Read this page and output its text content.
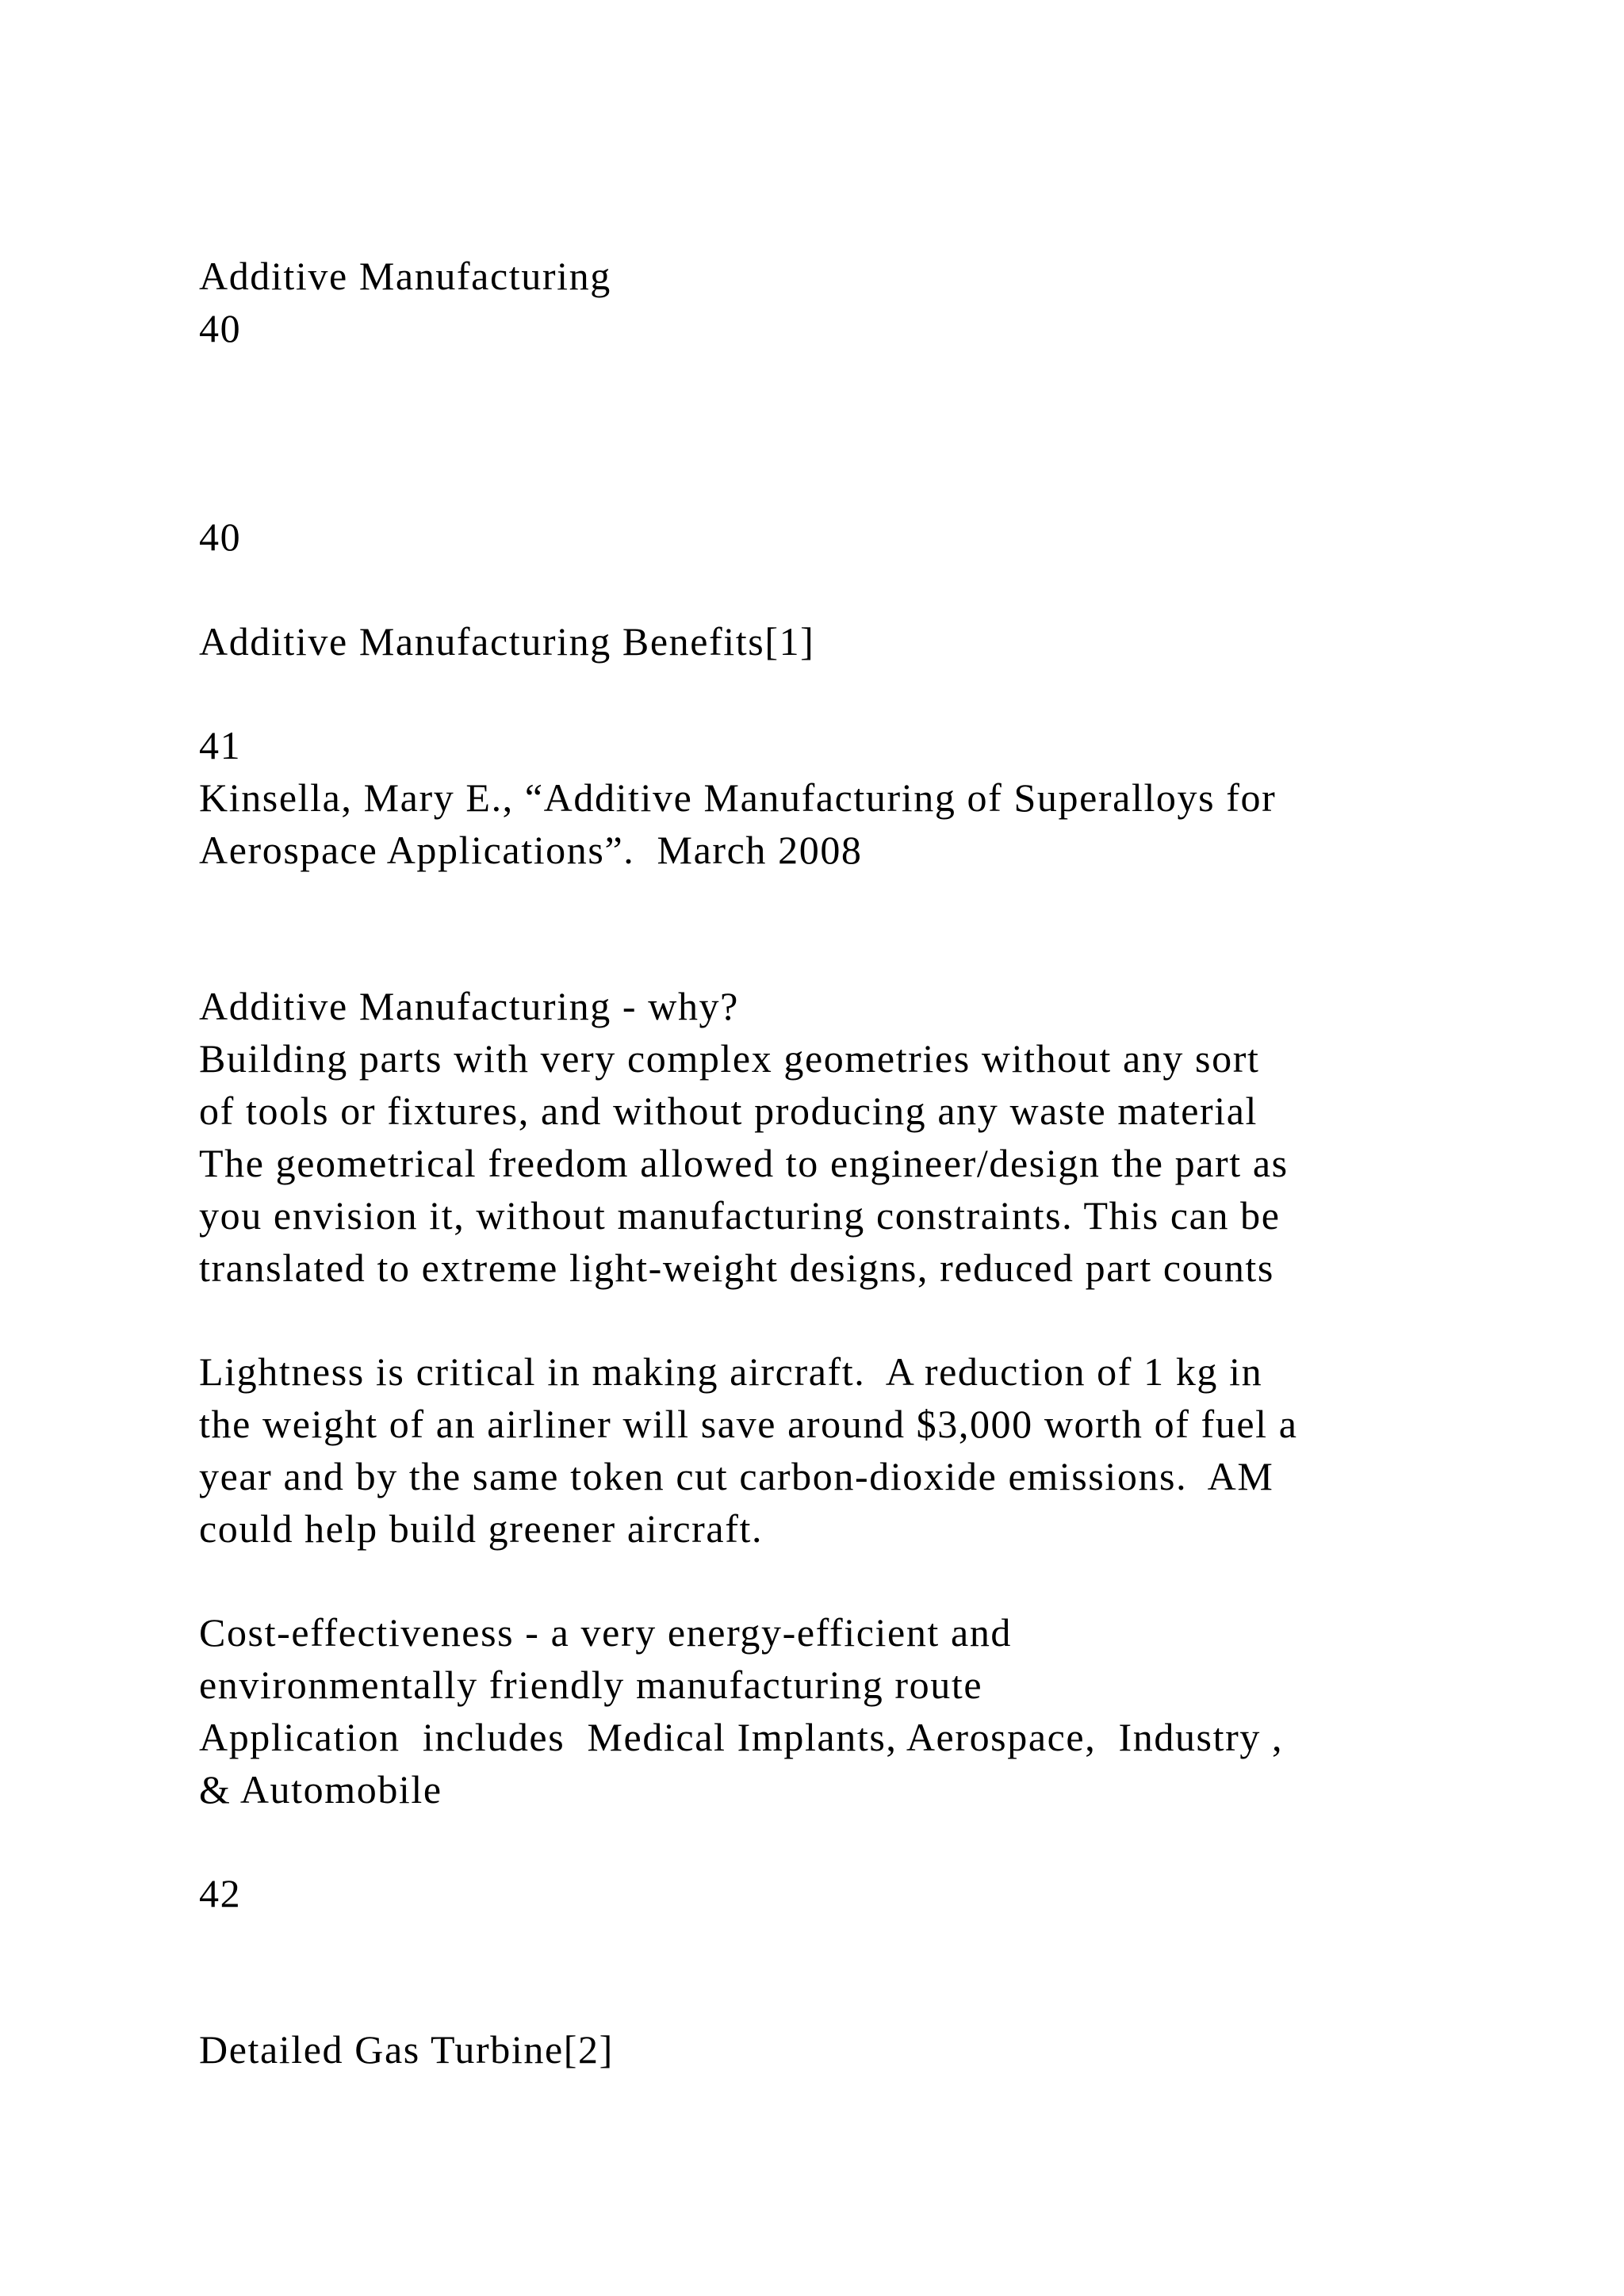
Additive Manufacturing

40

40

Additive Manufacturing Benefits[1]

41

Kinsella, Mary E., “Additive Manufacturing of Superalloys for

Aerospace Applications”.  March 2008

Additive Manufacturing - why?

Building parts with very complex geometries without any sort

of tools or fixtures, and without producing any waste material

The geometrical freedom allowed to engineer/design the part as

you envision it, without manufacturing constraints. This can be

translated to extreme light-weight designs, reduced part counts

Lightness is critical in making aircraft.  A reduction of 1 kg in

the weight of an airliner will save around $3,000 worth of fuel a

year and by the same token cut carbon-dioxide emissions.  AM

could help build greener aircraft.

Cost-effectiveness - a very energy-efficient and

environmentally friendly manufacturing route

Application  includes  Medical Implants, Aerospace,  Industry ,

& Automobile

42

Detailed Gas Turbine[2]
